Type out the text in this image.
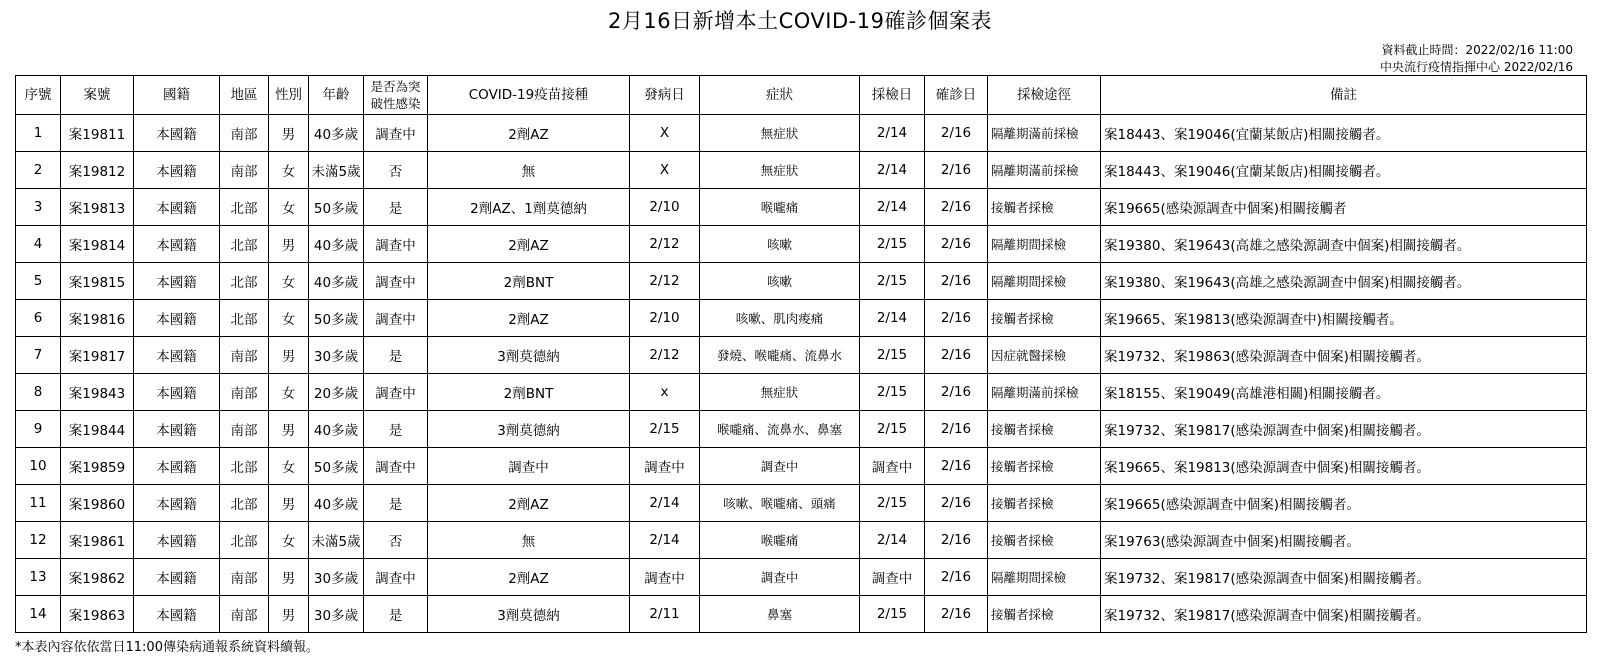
2月16日新增本土COVID-19確診個案表
資料截止時間：2022/02/16 11:00
中央流行疫情指揮中心 2022/02/16
序號	案號	國籍	地區	性別	年齡	是否為突破性感染	COVID-19疫苗接種	發病日	症狀	採檢日	確診日	採檢途徑	備註
1	案19811	本國籍	南部	男	40多歲	調查中	2劑AZ	X	無症狀	2/14	2/16	隔離期滿前採檢	案18443、案19046(宜蘭某飯店)相關接觸者。
2	案19812	本國籍	南部	女	未滿5歲	否	無	X	無症狀	2/14	2/16	隔離期滿前採檢	案18443、案19046(宜蘭某飯店)相關接觸者。
3	案19813	本國籍	北部	女	50多歲	是	2劑AZ、1劑莫德納	2/10	喉嚨痛	2/14	2/16	接觸者採檢	案19665(感染源調查中個案)相關接觸者
4	案19814	本國籍	北部	男	40多歲	調查中	2劑AZ	2/12	咳嗽	2/15	2/16	隔離期間採檢	案19380、案19643(高雄之感染源調查中個案)相關接觸者。
5	案19815	本國籍	北部	女	40多歲	調查中	2劑BNT	2/12	咳嗽	2/15	2/16	隔離期間採檢	案19380、案19643(高雄之感染源調查中個案)相關接觸者。
6	案19816	本國籍	北部	女	50多歲	調查中	2劑AZ	2/10	咳嗽、肌肉痠痛	2/14	2/16	接觸者採檢	案19665、案19813(感染源調查中)相關接觸者。
7	案19817	本國籍	南部	男	30多歲	是	3劑莫德納	2/12	發燒、喉嚨痛、流鼻水	2/15	2/16	因症就醫採檢	案19732、案19863(感染源調查中個案)相關接觸者。
8	案19843	本國籍	南部	女	20多歲	調查中	2劑BNT	x	無症狀	2/15	2/16	隔離期滿前採檢	案18155、案19049(高雄港相關)相關接觸者。
9	案19844	本國籍	南部	男	40多歲	是	3劑莫德納	2/15	喉嚨痛、流鼻水、鼻塞	2/15	2/16	接觸者採檢	案19732、案19817(感染源調查中個案)相關接觸者。
10	案19859	本國籍	北部	女	50多歲	調查中	調查中	調查中	調查中	調查中	2/16	接觸者採檢	案19665、案19813(感染源調查中個案)相關接觸者。
11	案19860	本國籍	北部	男	40多歲	是	2劑AZ	2/14	咳嗽、喉嚨痛、頭痛	2/15	2/16	接觸者採檢	案19665(感染源調查中個案)相關接觸者。
12	案19861	本國籍	北部	女	未滿5歲	否	無	2/14	喉嚨痛	2/14	2/16	接觸者採檢	案19763(感染源調查中個案)相關接觸者。
13	案19862	本國籍	南部	男	30多歲	調查中	2劑AZ	調查中	調查中	調查中	2/16	隔離期間採檢	案19732、案19817(感染源調查中個案)相關接觸者。
14	案19863	本國籍	南部	男	30多歲	是	3劑莫德納	2/11	鼻塞	2/15	2/16	接觸者採檢	案19732、案19817(感染源調查中個案)相關接觸者。
*本表內容依依當日11:00傳染病通報系統資料續報。
